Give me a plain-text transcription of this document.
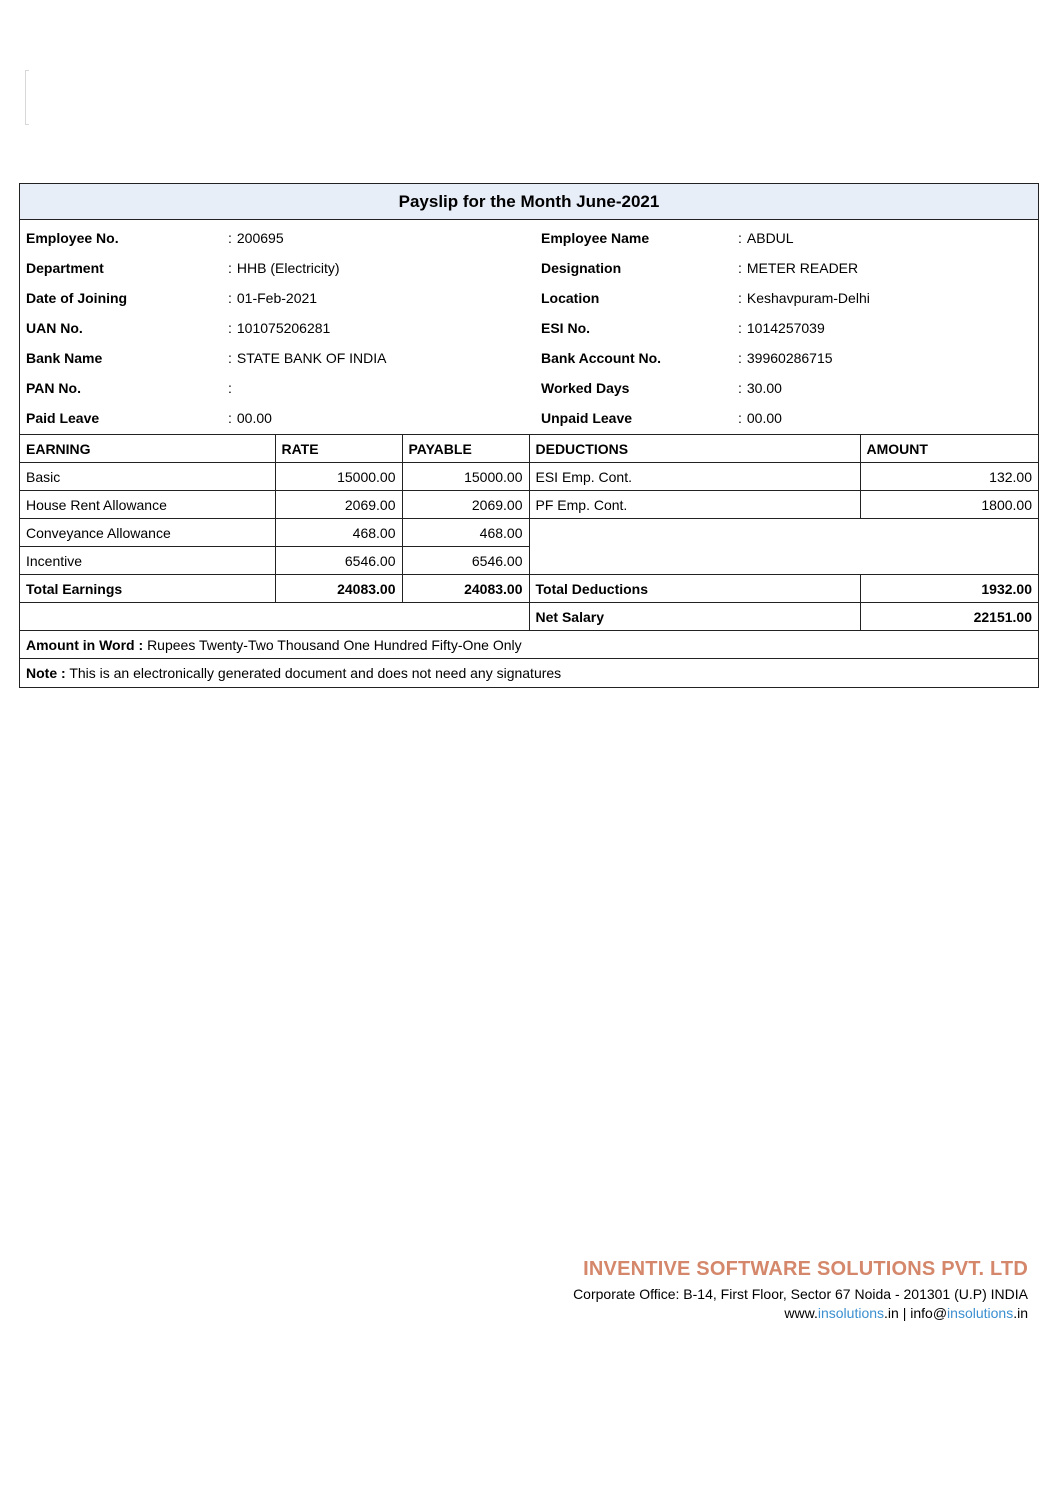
Payslip for the Month June-2021
Employee No.	: 200695	Employee Name	: ABDUL
Department	: HHB (Electricity)	Designation	: METER READER
Date of Joining	: 01-Feb-2021	Location	: Keshavpuram-Delhi
UAN No.	: 101075206281	ESI No.	: 1014257039
Bank Name	: STATE BANK OF INDIA	Bank Account No.	: 39960286715
PAN No.	:	Worked Days	: 30.00
Paid Leave	: 00.00	Unpaid Leave	: 00.00
EARNING	RATE	PAYABLE	DEDUCTIONS	AMOUNT
Basic	15000.00	15000.00	ESI Emp. Cont.	132.00
House Rent Allowance	2069.00	2069.00	PF Emp. Cont.	1800.00
Conveyance Allowance	468.00	468.00		
Incentive	6546.00	6546.00		
Total Earnings	24083.00	24083.00	Total Deductions	1932.00
			Net Salary	22151.00
Amount in Word : Rupees Twenty-Two Thousand One Hundred Fifty-One Only				
Note : This is an electronically generated document and does not need any signatures				
INVENTIVE SOFTWARE SOLUTIONS PVT. LTD
Corporate Office: B-14, First Floor, Sector 67 Noida - 201301 (U.P) INDIA
www.insolutions.in | info@insolutions.in
